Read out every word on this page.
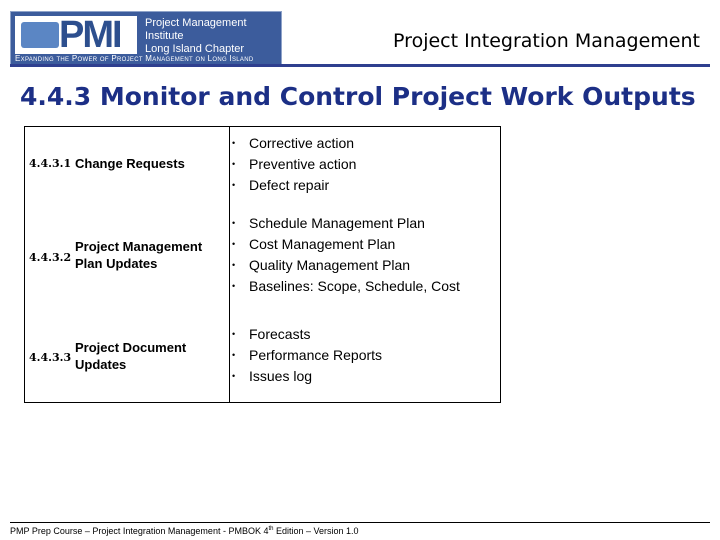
PMI Project Management Institute
Long Island Chapter
Expanding the Power of Project Management on Long Island
Project Integration Management
4.4.3 Monitor and Control Project Work Outputs
4.4.3.1 Change Requests
• Corrective action
• Preventive action
• Defect repair
4.4.3.2
Project Management Plan Updates
• Schedule Management Plan
• Cost Management Plan
• Quality Management Plan
• Baselines: Scope, Schedule, Cost
4.4.3.3
Project Document Updates
• Forecasts
• Performance Reports
• Issues log
PMP Prep Course – Project Integration Management - PMBOK 4th Edition – Version 1.0
